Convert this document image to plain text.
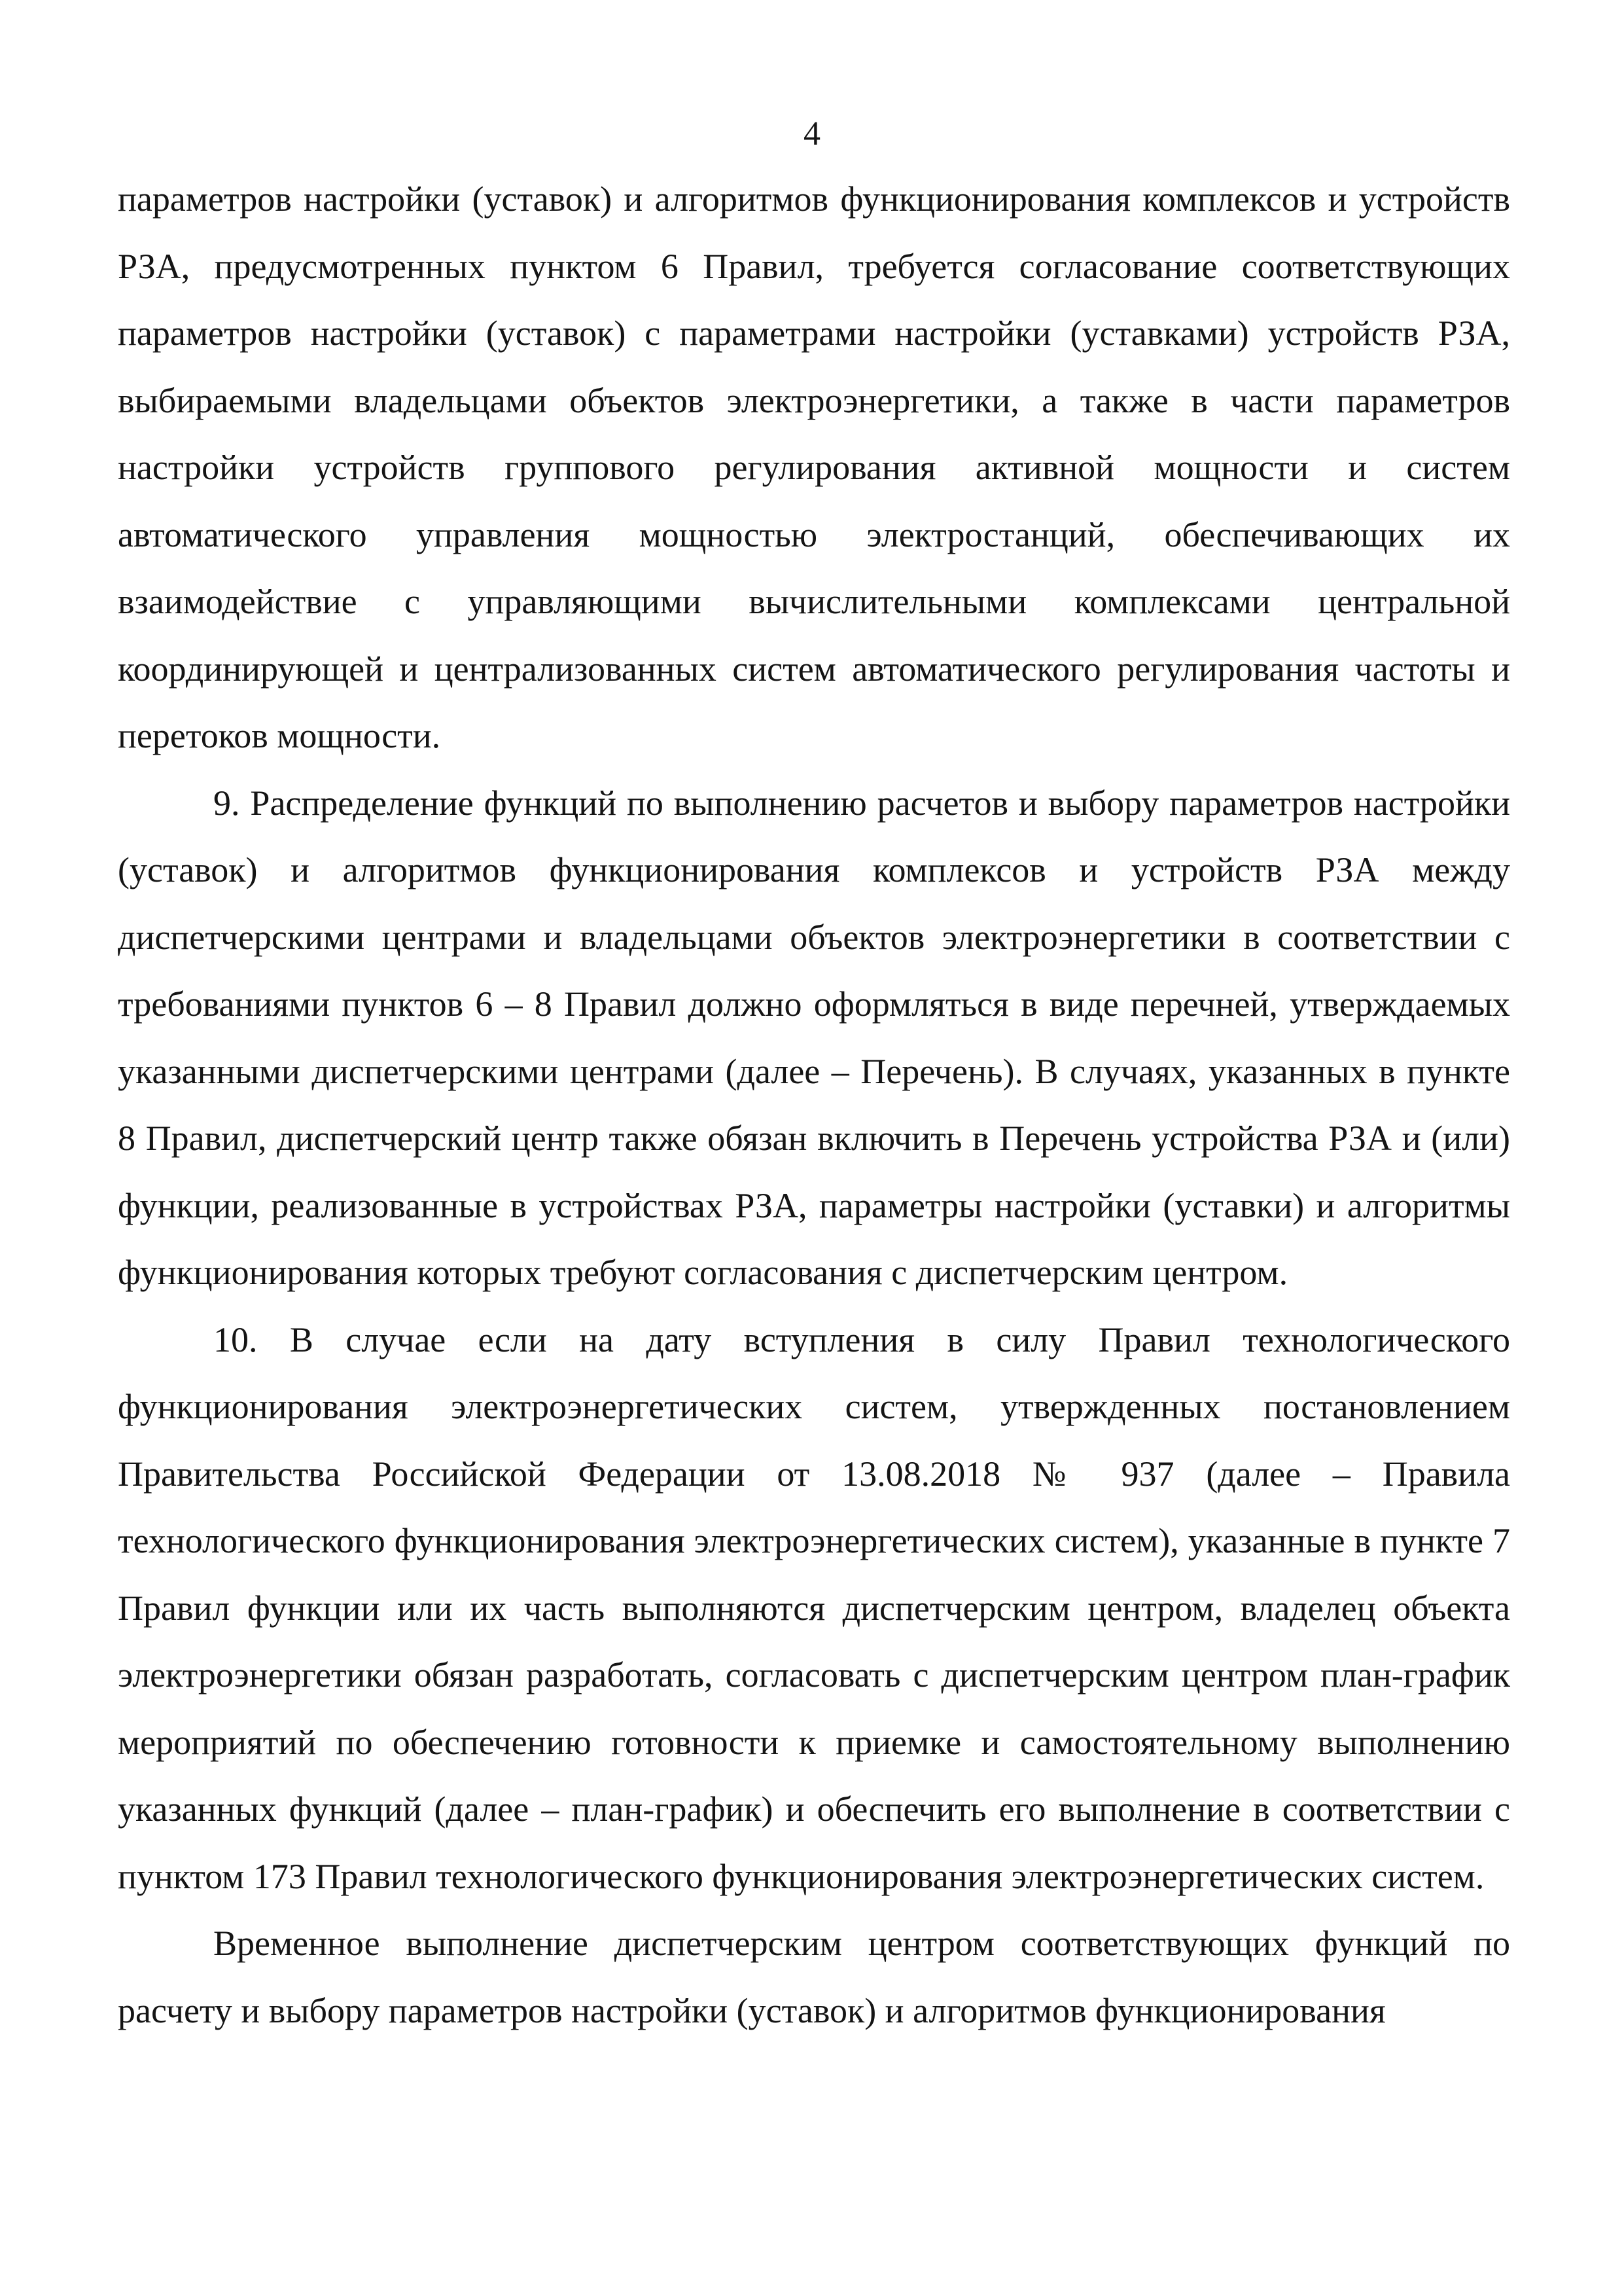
4

параметров настройки (уставок) и алгоритмов функционирования комплексов и устройств РЗА, предусмотренных пунктом 6 Правил, требуется согласование соответствующих параметров настройки (уставок) с параметрами настройки (уставками) устройств РЗА, выбираемыми владельцами объектов электроэнергетики, а также в части параметров настройки устройств группового регулирования активной мощности и систем автоматического управления мощностью электростанций, обеспечивающих их взаимодействие с управляющими вычислительными комплексами центральной координирующей и централизованных систем автоматического регулирования частоты и перетоков мощности.

9. Распределение функций по выполнению расчетов и выбору параметров настройки (уставок) и алгоритмов функционирования комплексов и устройств РЗА между диспетчерскими центрами и владельцами объектов электроэнергетики в соответствии с требованиями пунктов 6 – 8 Правил должно оформляться в виде перечней, утверждаемых указанными диспетчерскими центрами (далее – Перечень). В случаях, указанных в пункте 8 Правил, диспетчерский центр также обязан включить в Перечень устройства РЗА и (или) функции, реализованные в устройствах РЗА, параметры настройки (уставки) и алгоритмы функционирования которых требуют согласования с диспетчерским центром.

10. В случае если на дату вступления в силу Правил технологического функционирования электроэнергетических систем, утвержденных постановлением Правительства Российской Федерации от 13.08.2018 № 937 (далее – Правила технологического функционирования электроэнергетических систем), указанные в пункте 7 Правил функции или их часть выполняются диспетчерским центром, владелец объекта электроэнергетики обязан разработать, согласовать с диспетчерским центром план-график мероприятий по обеспечению готовности к приемке и самостоятельному выполнению указанных функций (далее – план-график) и обеспечить его выполнение в соответствии с пунктом 173 Правил технологического функционирования электроэнергетических систем.

Временное выполнение диспетчерским центром соответствующих функций по расчету и выбору параметров настройки (уставок) и алгоритмов функционирования
